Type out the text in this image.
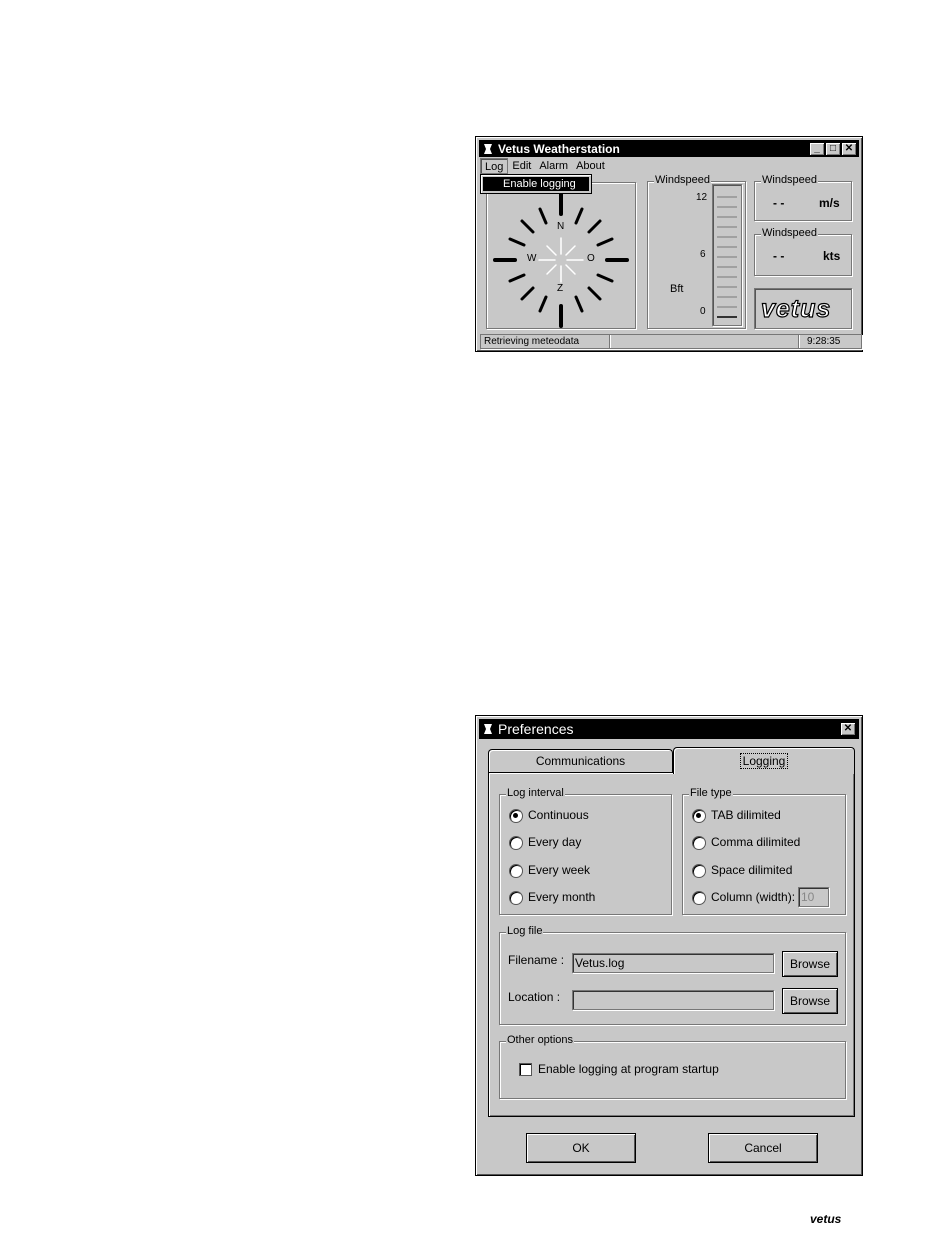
Vetus Weatherstation	_	□ ✕
Log Edit Alarm About
N
W	O
Z
Enable logging	Windspeed
12
6
Bft
0
Windspeed
- -	m/s
Windspeed
- -	kts
vetus
Retrieving meteodata	9:28:35
Preferences	✕
Communications	Logging
Log interval
Continuous
Every day
Every week
Every month
File type
TAB dilimited
Comma dilimited
Space dilimited
Column (width): 10
Log file
Filename : Vetus.log	Browse
Location :	Browse
Other options
Enable logging at program startup
OK	Cancel
vetus
